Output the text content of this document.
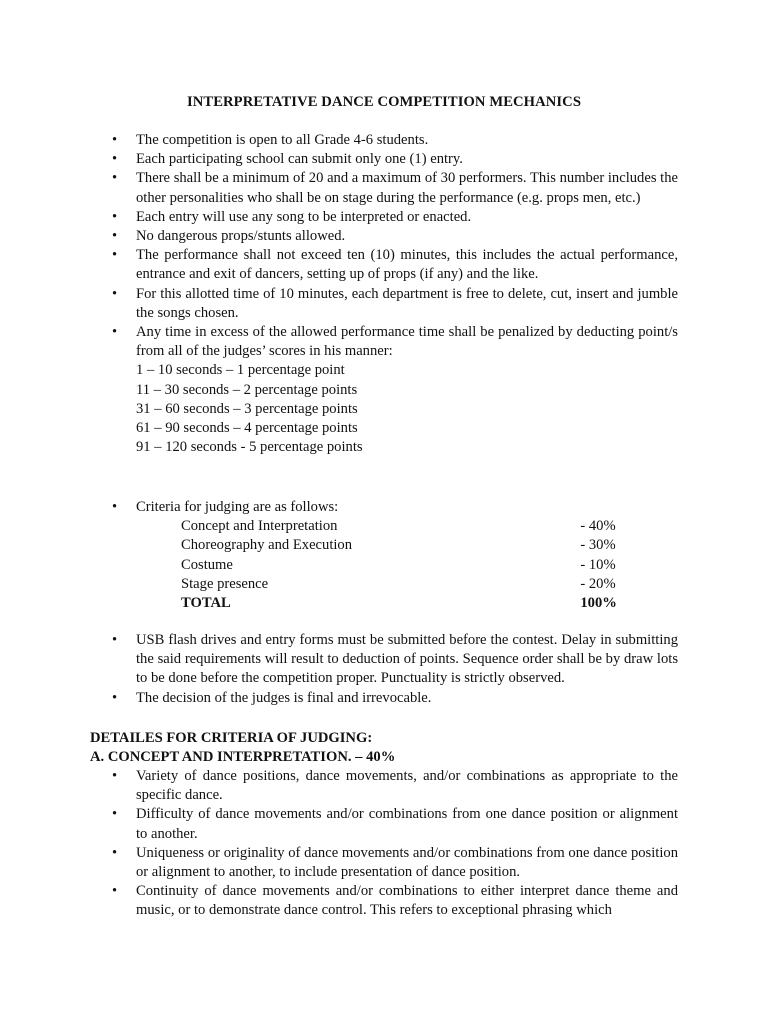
INTERPRETATIVE DANCE COMPETITION MECHANICS
• The competition is open to all Grade 4-6 students.
• Each participating school can submit only one (1) entry.
• There shall be a minimum of 20 and a maximum of 30 performers. This number includes the other personalities who shall be on stage during the performance (e.g. props men, etc.)
• Each entry will use any song to be interpreted or enacted.
• No dangerous props/stunts allowed.
• The performance shall not exceed ten (10) minutes, this includes the actual performance, entrance and exit of dancers, setting up of props (if any) and the like.
• For this allotted time of 10 minutes, each department is free to delete, cut, insert and jumble the songs chosen.
• Any time in excess of the allowed performance time shall be penalized by deducting point/s from all of the judges’ scores in his manner:
1 – 10 seconds – 1 percentage point
11 – 30 seconds – 2 percentage points
31 – 60 seconds – 3 percentage points
61 – 90 seconds – 4 percentage points
91 – 120 seconds - 5 percentage points
• Criteria for judging are as follows:
Concept and Interpretation	- 40%
Choreography and Execution	- 30%
Costume	- 10%
Stage presence	- 20%
TOTAL	100%
• USB flash drives and entry forms must be submitted before the contest. Delay in submitting the said requirements will result to deduction of points. Sequence order shall be by draw lots to be done before the competition proper. Punctuality is strictly observed.
• The decision of the judges is final and irrevocable.
DETAILES FOR CRITERIA OF JUDGING:
A. CONCEPT AND INTERPRETATION. – 40%
• Variety of dance positions, dance movements, and/or combinations as appropriate to the specific dance.
• Difficulty of dance movements and/or combinations from one dance position or alignment to another.
• Uniqueness or originality of dance movements and/or combinations from one dance position or alignment to another, to include presentation of dance position.
• Continuity of dance movements and/or combinations to either interpret dance theme and music, or to demonstrate dance control. This refers to exceptional phrasing which
